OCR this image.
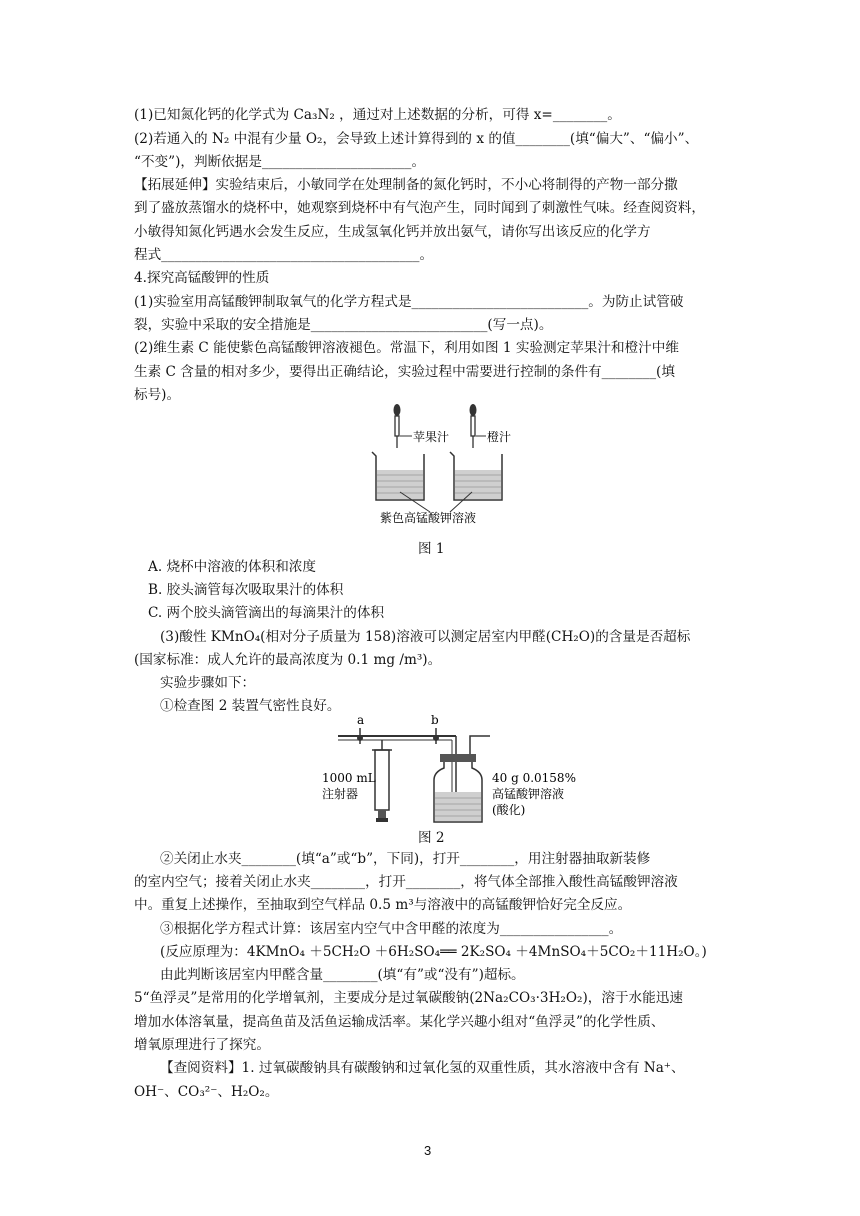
(1)已知氮化钙的化学式为 Ca₃N₂ ，通过对上述数据的分析，可得 x=________。
(2)若通入的 N₂ 中混有少量 O₂，会导致上述计算得到的 x 的值________(填“偏大”、“偏小”、
“不变”)，判断依据是______________________。
【拓展延伸】实验结束后，小敏同学在处理制备的氮化钙时，不小心将制得的产物一部分撒
到了盛放蒸馏水的烧杯中，她观察到烧杯中有气泡产生，同时闻到了刺激性气味。经查阅资料，
小敏得知氮化钙遇水会发生反应，生成氢氧化钙并放出氨气，请你写出该反应的化学方
程式______________________________________。
4.探究高锰酸钾的性质
(1)实验室用高锰酸钾制取氧气的化学方程式是__________________________。为防止试管破
裂，实验中采取的安全措施是__________________________(写一点)。
(2)维生素 C 能使紫色高锰酸钾溶液褪色。常温下，利用如图 1 实验测定苹果汁和橙汁中维
生素 C 含量的相对多少，要得出正确结论，实验过程中需要进行控制的条件有________(填
标号)。
苹果汁	橙汁
紫色高锰酸钾溶液
图 1
A. 烧杯中溶液的体积和浓度
B. 胶头滴管每次吸取果汁的体积
C. 两个胶头滴管滴出的每滴果汁的体积
(3)酸性 KMnO₄(相对分子质量为 158)溶液可以测定居室内甲醛(CH₂O)的含量是否超标
(国家标准：成人允许的最高浓度为 0.1 mg /m³)。
实验步骤如下：
①检查图 2 装置气密性良好。
a	b
1000 mL
注射器
40 g 0.0158%
高锰酸钾溶液
(酸化)
图 2
②关闭止水夹________(填“a”或“b”，下同)，打开________，用注射器抽取新装修
的室内空气；接着关闭止水夹________，打开________，将气体全部推入酸性高锰酸钾溶液
中。重复上述操作，至抽取到空气样品 0.5 m³与溶液中的高锰酸钾恰好完全反应。
③根据化学方程式计算：该居室内空气中含甲醛的浓度为________________。
(反应原理为：4KMnO₄ ＋5CH₂O ＋6H₂SO₄══ 2K₂SO₄ ＋4MnSO₄＋5CO₂＋11H₂O。)
由此判断该居室内甲醛含量________(填“有”或“没有”)超标。
5“鱼浮灵”是常用的化学增氧剂，主要成分是过氧碳酸钠(2Na₂CO₃·3H₂O₂)，溶于水能迅速
增加水体溶氧量，提高鱼苗及活鱼运输成活率。某化学兴趣小组对“鱼浮灵”的化学性质、
增氧原理进行了探究。
【查阅资料】1. 过氧碳酸钠具有碳酸钠和过氧化氢的双重性质，其水溶液中含有 Na⁺、
OH⁻、CO₃²⁻、H₂O₂。
3
